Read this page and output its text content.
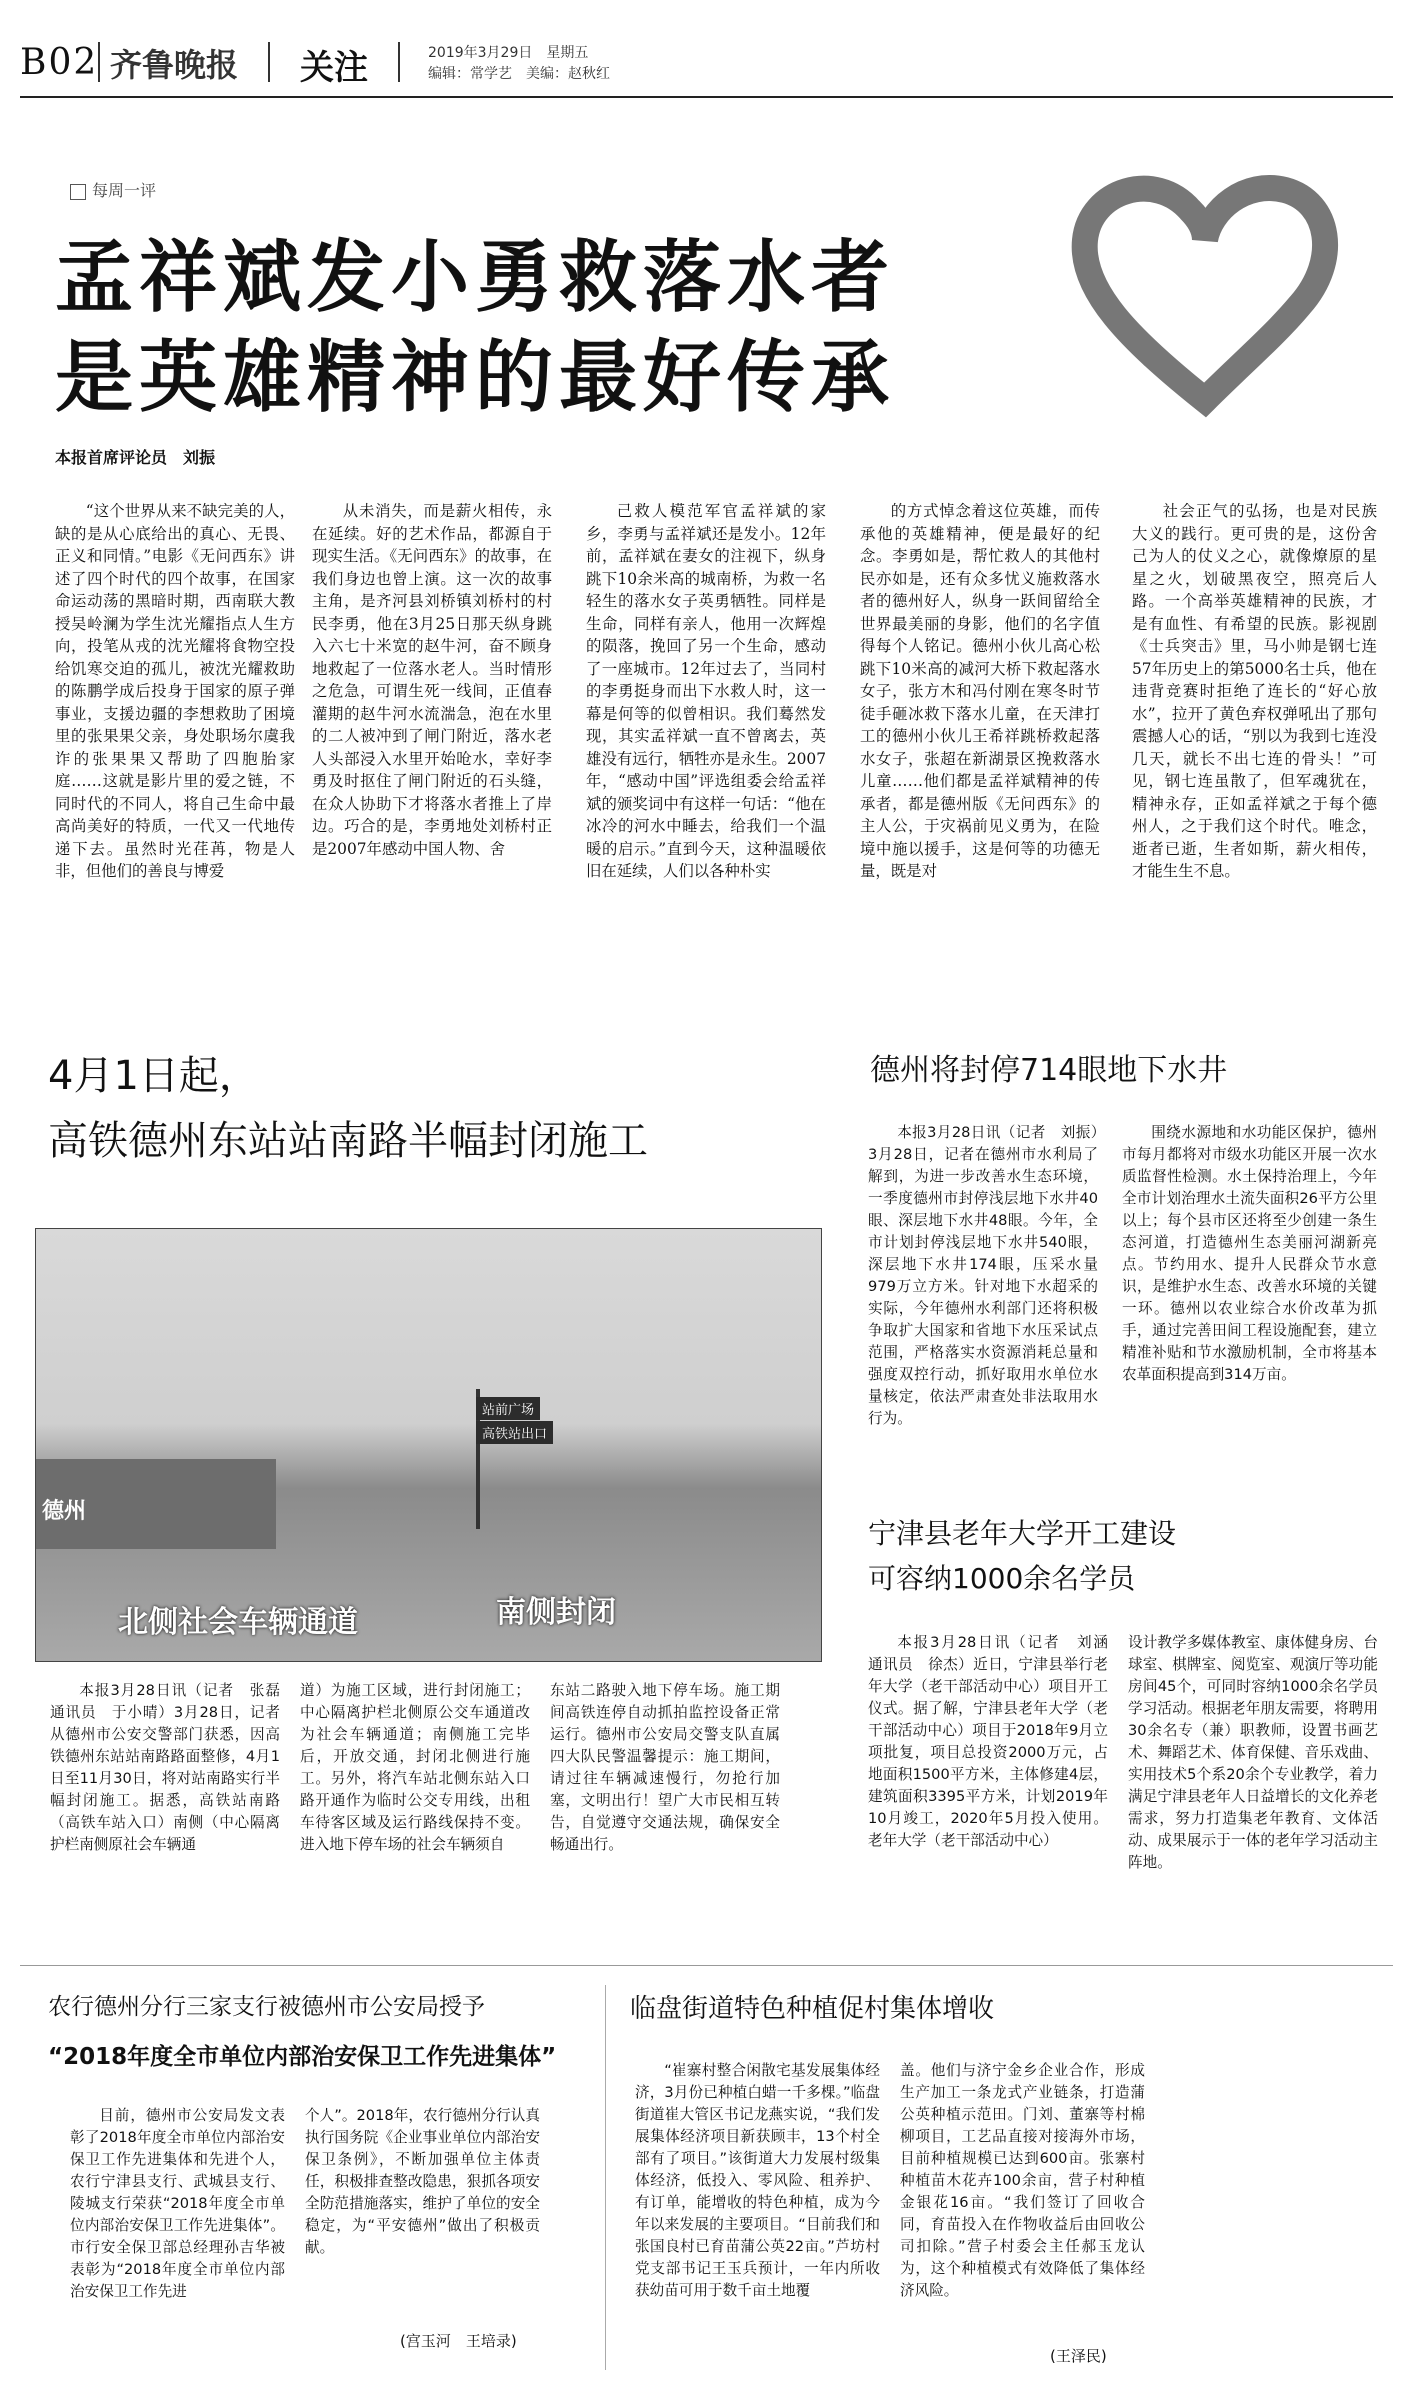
B02 齐鲁晚报 关注	2019年3月29日　星期五
编辑：常学艺　美编：赵秋红
每周一评
孟祥斌发小勇救落水者
是英雄精神的最好传承
本报首席评论员　刘振

“这个世界从来不缺完美的人，缺的是从心底给出的真心、无畏、正义和同情。”电影《无问西东》讲述了四个时代的四个故事，在国家命运动荡的黑暗时期，西南联大教授吴岭澜为学生沈光耀指点人生方向，投笔从戎的沈光耀将食物空投给饥寒交迫的孤儿，被沈光耀救助的陈鹏学成后投身于国家的原子弹事业，支援边疆的李想救助了困境里的张果果父亲，身处职场尔虞我诈的张果果又帮助了四胞胎家庭……这就是影片里的爱之链，不同时代的不同人，将自己生命中最高尚美好的特质，一代又一代地传递下去。虽然时光荏苒，物是人非，但他们的善良与博爱

从未消失，而是薪火相传，永在延续。好的艺术作品，都源自于现实生活。《无问西东》的故事，在我们身边也曾上演。这一次的故事主角，是齐河县刘桥镇刘桥村的村民李勇，他在3月25日那天纵身跳入六七十米宽的赵牛河，奋不顾身地救起了一位落水老人。当时情形之危急，可谓生死一线间，正值春灌期的赵牛河水流湍急，泡在水里的二人被冲到了闸门附近，落水老人头部浸入水里开始呛水，幸好李勇及时抠住了闸门附近的石头缝，在众人协助下才将落水者推上了岸边。巧合的是，李勇地处刘桥村正是2007年感动中国人物、舍

己救人模范军官孟祥斌的家乡，李勇与孟祥斌还是发小。12年前，孟祥斌在妻女的注视下，纵身跳下10余米高的城南桥，为救一名轻生的落水女子英勇牺牲。同样是生命，同样有亲人，他用一次辉煌的陨落，挽回了另一个生命，感动了一座城市。12年过去了，当同村的李勇挺身而出下水救人时，这一幕是何等的似曾相识。我们蓦然发现，其实孟祥斌一直不曾离去，英雄没有远行，牺牲亦是永生。2007年，“感动中国”评选组委会给孟祥斌的颁奖词中有这样一句话：“他在冰冷的河水中睡去，给我们一个温暖的启示。”直到今天，这种温暖依旧在延续，人们以各种朴实

的方式悼念着这位英雄，而传承他的英雄精神，便是最好的纪念。李勇如是，帮忙救人的其他村民亦如是，还有众多忧义施救落水者的德州好人，纵身一跃间留给全世界最美丽的身影，他们的名字值得每个人铭记。德州小伙儿高心松跳下10米高的减河大桥下救起落水女子，张方木和冯付刚在寒冬时节徒手砸冰救下落水儿童，在天津打工的德州小伙儿王希祥跳桥救起落水女子，张超在新湖景区挽救落水儿童……他们都是孟祥斌精神的传承者，都是德州版《无问西东》的主人公，于灾祸前见义勇为，在险境中施以援手，这是何等的功德无量，既是对

社会正气的弘扬，也是对民族大义的践行。更可贵的是，这份舍己为人的仗义之心，就像燎原的星星之火，划破黑夜空，照亮后人路。一个高举英雄精神的民族，才是有血性、有希望的民族。影视剧《士兵突击》里，马小帅是钢七连57年历史上的第5000名士兵，他在违背竞赛时拒绝了连长的“好心放水”，拉开了黄色弃权弹吼出了那句震撼人心的话，“别以为我到七连没几天，就长不出七连的骨头！”可见，钢七连虽散了，但军魂犹在，精神永存，正如孟祥斌之于每个德州人，之于我们这个时代。唯念，逝者已逝，生者如斯，薪火相传，才能生生不息。

4月1日起，
高铁德州东站站南路半幅封闭施工
德州
站前广场
高铁站出口
北侧社会车辆通道	南侧封闭

本报3月28日讯（记者　张磊　通讯员　于小晴）3月28日，记者从德州市公安交警部门获悉，因高铁德州东站站南路路面整修，4月1日至11月30日，将对站南路实行半幅封闭施工。据悉，高铁站南路（高铁车站入口）南侧（中心隔离护栏南侧原社会车辆通

道）为施工区域，进行封闭施工；中心隔离护栏北侧原公交车通道改为社会车辆通道；南侧施工完毕后，开放交通，封闭北侧进行施工。另外，将汽车站北侧东站入口路开通作为临时公交专用线，出租车待客区域及运行路线保持不变。进入地下停车场的社会车辆须自

东站二路驶入地下停车场。施工期间高铁连停自动抓拍监控设备正常运行。德州市公安局交警支队直属四大队民警温馨提示：施工期间，请过往车辆减速慢行，勿抢行加塞，文明出行！望广大市民相互转告，自觉遵守交通法规，确保安全畅通出行。

德州将封停714眼地下水井

本报3月28日讯（记者　刘振）3月28日，记者在德州市水利局了解到，为进一步改善水生态环境，一季度德州市封停浅层地下水井40眼、深层地下水井48眼。今年，全市计划封停浅层地下水井540眼，深层地下水井174眼，压采水量979万立方米。针对地下水超采的实际，今年德州水利部门还将积极争取扩大国家和省地下水压采试点范围，严格落实水资源消耗总量和强度双控行动，抓好取用水单位水量核定，依法严肃查处非法取用水行为。

围绕水源地和水功能区保护，德州市每月都将对市级水功能区开展一次水质监督性检测。水土保持治理上，今年全市计划治理水土流失面积26平方公里以上；每个县市区还将至少创建一条生态河道，打造德州生态美丽河湖新亮点。节约用水、提升人民群众节水意识，是维护水生态、改善水环境的关键一环。德州以农业综合水价改革为抓手，通过完善田间工程设施配套，建立精准补贴和节水激励机制，全市将基本农革面积提高到314万亩。

宁津县老年大学开工建设
可容纳1000余名学员

本报3月28日讯（记者　刘涵　通讯员　徐杰）近日，宁津县举行老年大学（老干部活动中心）项目开工仪式。据了解，宁津县老年大学（老干部活动中心）项目于2018年9月立项批复，项目总投资2000万元，占地面积1500平方米，主体修建4层，建筑面积3395平方米，计划2019年10月竣工，2020年5月投入使用。老年大学（老干部活动中心）

设计教学多媒体教室、康体健身房、台球室、棋牌室、阅览室、观演厅等功能房间45个，可同时容纳1000余名学员学习活动。根据老年朋友需要，将聘用30余名专（兼）职教师，设置书画艺术、舞蹈艺术、体育保健、音乐戏曲、实用技术5个系20余个专业教学，着力满足宁津县老年人日益增长的文化养老需求，努力打造集老年教育、文体活动、成果展示于一体的老年学习活动主阵地。

农行德州分行三家支行被德州市公安局授予
“2018年度全市单位内部治安保卫工作先进集体”

目前，德州市公安局发文表彰了2018年度全市单位内部治安保卫工作先进集体和先进个人，农行宁津县支行、武城县支行、陵城支行荣获“2018年度全市单位内部治安保卫工作先进集体”。市行安全保卫部总经理孙吉华被表彰为“2018年度全市单位内部治安保卫工作先进

个人”。2018年，农行德州分行认真执行国务院《企业事业单位内部治安保卫条例》，不断加强单位主体责任，积极排查整改隐患，狠抓各项安全防范措施落实，维护了单位的安全稳定，为“平安德州”做出了积极贡献。

(宫玉河　王培录)
临盘街道特色种植促村集体增收

“崔寨村整合闲散宅基发展集体经济，3月份已种植白蜡一千多棵。”临盘街道崔大管区书记龙燕实说，“我们发展集体经济项目新获顾丰，13个村全部有了项目。”该街道大力发展村级集体经济，低投入、零风险、租养护、有订单，能增收的特色种植，成为今年以来发展的主要项目。“目前我们和张国良村已育苗蒲公英22亩。”芦坊村党支部书记王玉兵预计，一年内所收获幼苗可用于数千亩土地覆

盖。他们与济宁金乡企业合作，形成生产加工一条龙式产业链条，打造蒲公英种植示范田。门刘、董寨等村棉柳项目，工艺品直接对接海外市场，目前种植规模已达到600亩。张寨村种植苗木花卉100余亩，营子村种植金银花16亩。“我们签订了回收合同，育苗投入在作物收益后由回收公司扣除。”营子村委会主任郝玉龙认为，这个种植模式有效降低了集体经济风险。

(王泽民)
